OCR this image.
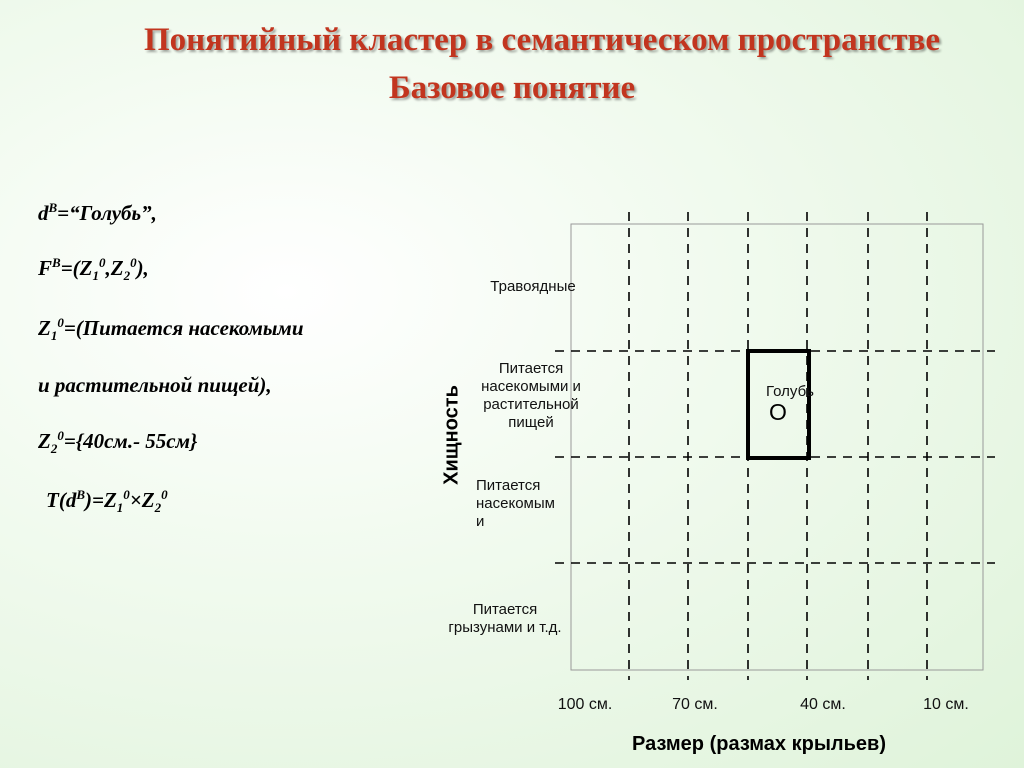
Понятийный кластер в семантическом пространстве
Базовое понятие
$d^B=“Голубь$”,
$F^B=(Z_1^0,Z_2^0)$,
$Z_1^0=(Питается$ насекомыми
и растительной пищей),
$Z_2^0=\{40см.-$ 55см}
$T(d^B)=Z_1^0\times Z_2^0$
Травоядные
Питается
насекомыми и
растительной
пищей
Питается
насекомым
и
Питается
грызунами и т.д.
Голубь
O
Хищность
100 см.	70 см.	40 см.	10 см.
Размер (размах крыльев)
